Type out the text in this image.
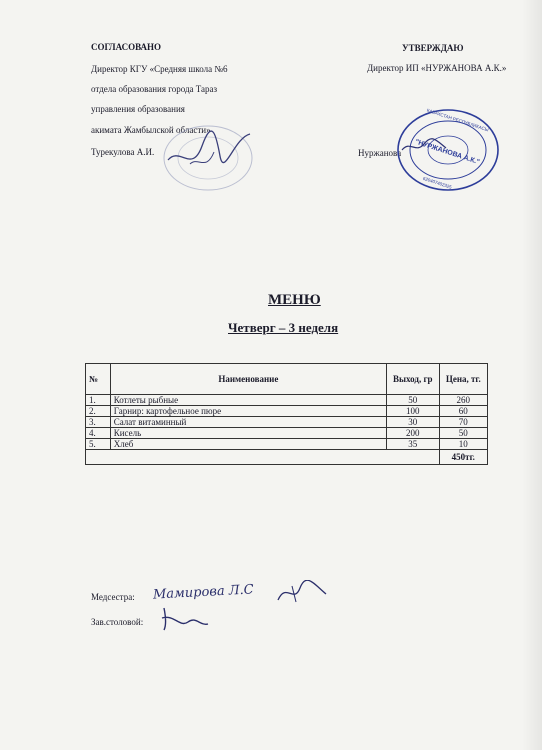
СОГЛАСОВАНО
Директор КГУ «Средняя школа №6
отдела образования города Тараз
управления образования
акимата Жамбылской области»
Турекулова А.И.
УТВЕРЖДАЮ
Директор ИП «НУРЖАНОВА А.К.»
Нуржанова "НУРЖАНОВА А.К."
КАЗАХСТАН РЕСПУБЛИКАСЫ
620407402325
МЕНЮ
Четверг – 3 неделя
№	Наименование	Выход, гр	Цена, тг.
1.	Котлеты рыбные	50	260
2.	Гарнир: картофельное пюре	100	60
3.	Салат витаминный	30	70
4.	Кисель	200	50
5.	Хлеб	35	10
			450тг.
Медсестра: Мамирова Л.С
Зав.столовой:
